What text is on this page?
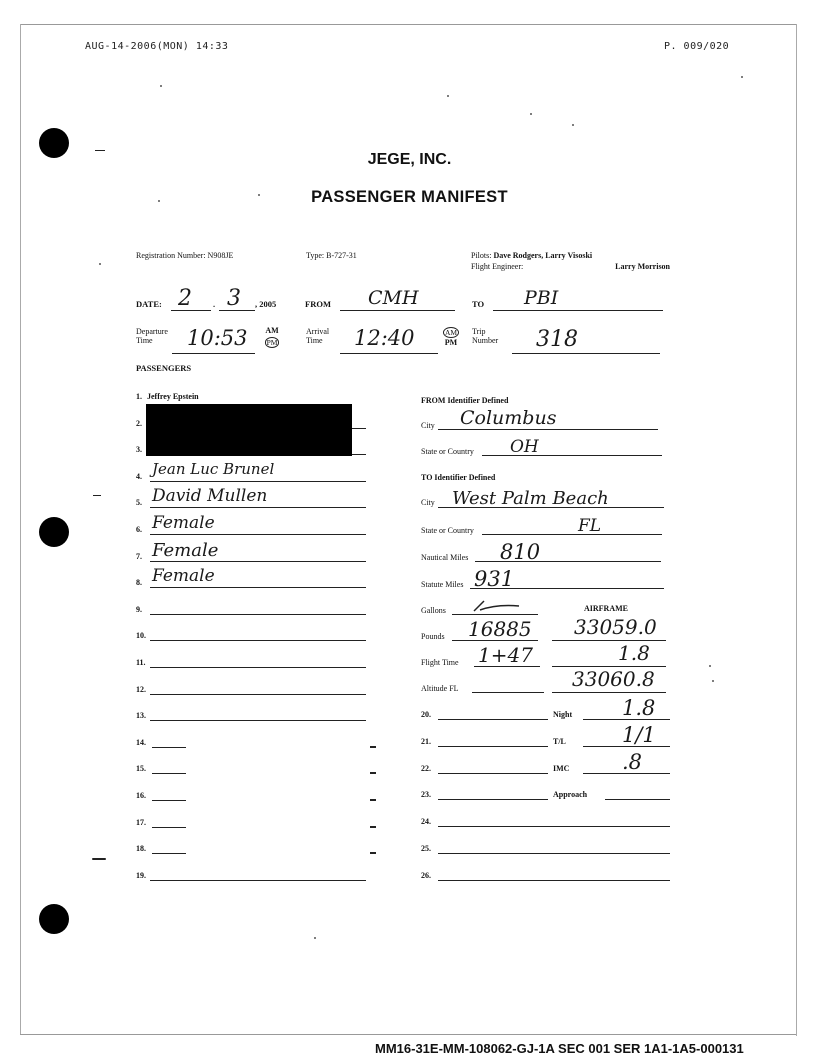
AUG-14-2006(MON) 14:33	P. 009/020
JEGE, INC.
PASSENGER MANIFEST
Registration Number: N908JE	Type: B-727-31	Pilots: Dave Rodgers, Larry Visoski
Flight Engineer:	Larry Morrison
DATE: 2 . 3 , 2005	FROM CMH	TO PBI
Departure
Time	10:53	AM
PM
Arrival
Time	12:40	AM
PM
Trip
Number 318
PASSENGERS
1. Jeffrey Epstein
2.
3.
4. Jean Luc Brunel
5. David Mullen
6. Female
7. Female
8. Female
9.
10.
11.
12.
13.
14.
15.
16.
17.
18.
19.
FROM Identifier Defined
City Columbus
State or Country OH
TO Identifier Defined
City West Palm Beach
State or Country	FL
Nautical Miles 810
Statute Miles 931
Gallons	AIRFRAME
Pounds 16885 33059.0
Flight Time 1+47	1.8
Altitude FL	33060.8
20.	Night 1.8
21.	T/L	1/1
22.	IMC	.8
23.	Approach
24.
25.
26.
MM16-31E-MM-108062-GJ-1A SEC 001 SER 1A1-1A5-000131
